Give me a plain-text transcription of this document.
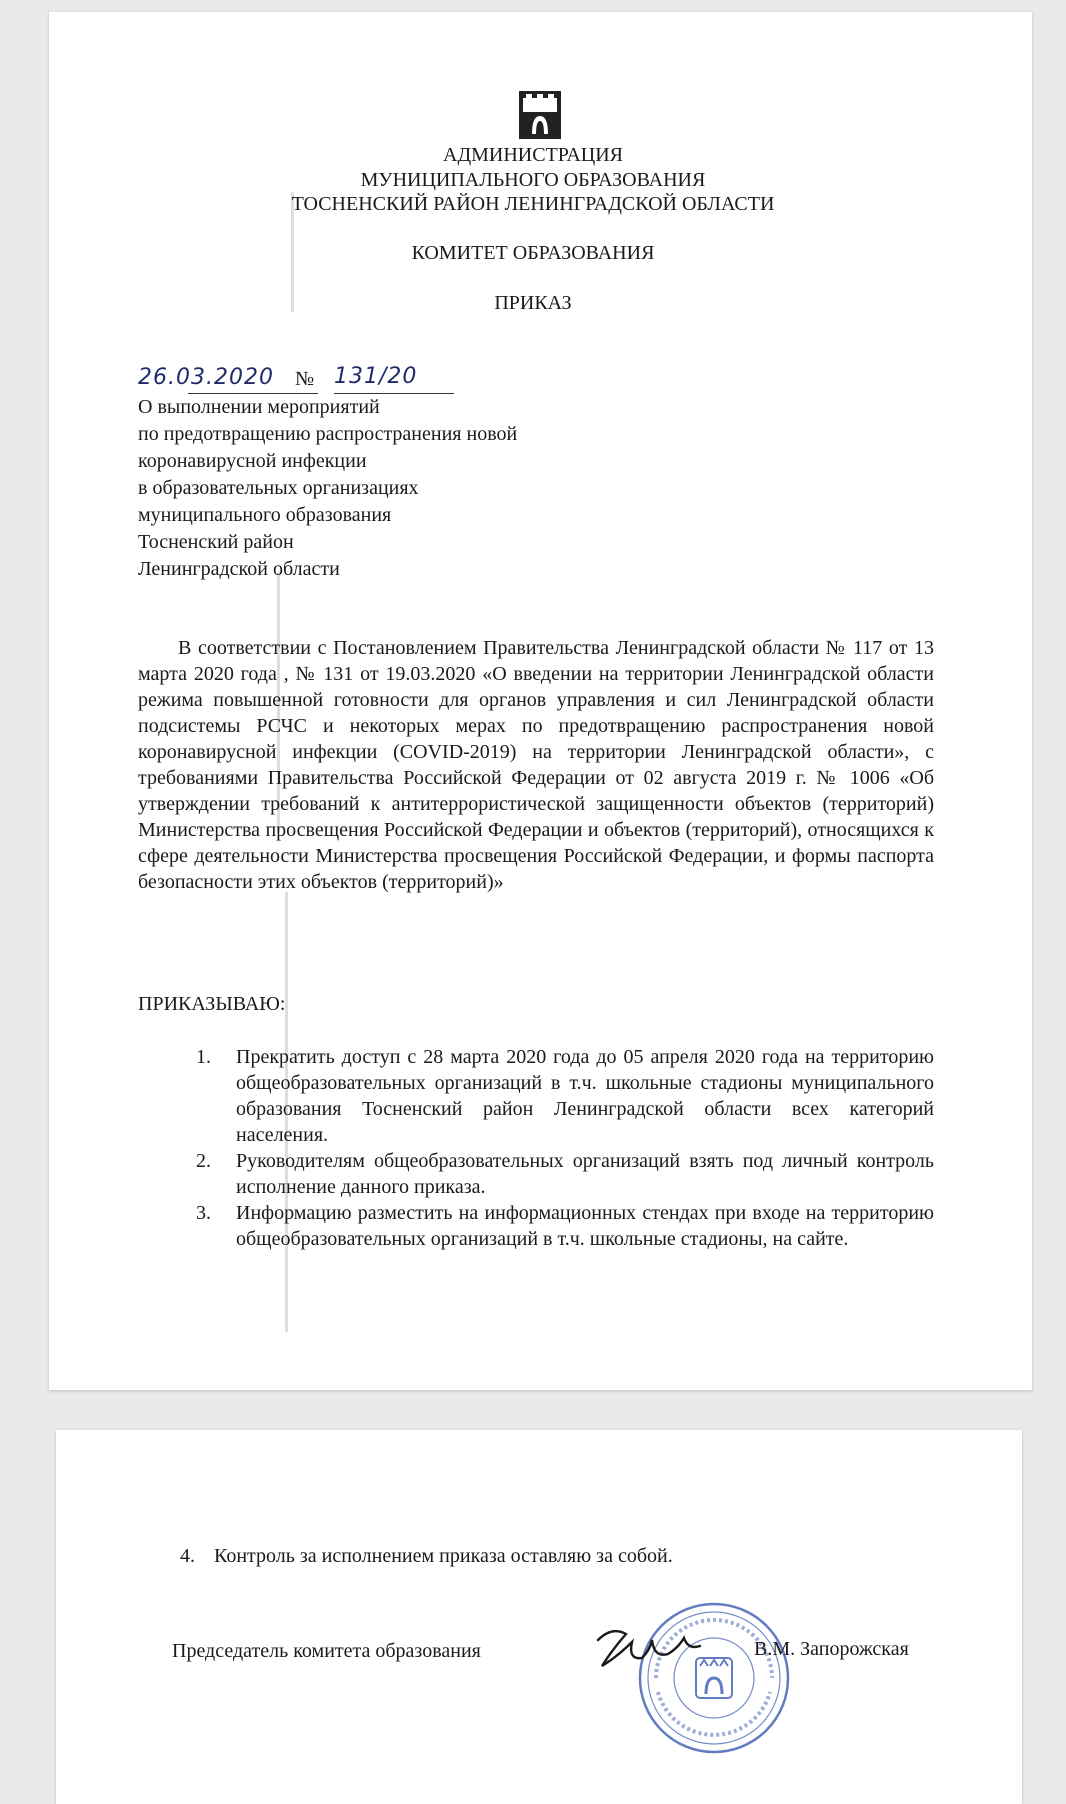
АДМИНИСТРАЦИЯ
МУНИЦИПАЛЬНОГО ОБРАЗОВАНИЯ
ТОСНЕНСКИЙ РАЙОН ЛЕНИНГРАДСКОЙ ОБЛАСТИ
КОМИТЕТ ОБРАЗОВАНИЯ
ПРИКАЗ
26.03.2020 № 131/20
О выполнении мероприятий
по предотвращению распространения новой
коронавирусной инфекции
в образовательных организациях
муниципального образования
Тосненский район
Ленинградской области
В соответствии с Постановлением Правительства Ленинградской области № 117 от 13 марта 2020 года , № 131 от 19.03.2020 «О введении на территории Ленинградской области режима повышенной готовности для органов управления и сил Ленинградской области подсистемы РСЧС и некоторых мерах по предотвращению распространения новой коронавирусной инфекции (COVID-2019) на территории Ленинградской области», с требованиями Правительства Российской Федерации от 02 августа 2019 г. № 1006 «Об утверждении требований к антитеррористической защищенности объектов (территорий) Министерства просвещения Российской Федерации и объектов (территорий), относящихся к сфере деятельности Министерства просвещения Российской Федерации, и формы паспорта безопасности этих объектов (территорий)»
ПРИКАЗЫВАЮ:
1. Прекратить доступ с 28 марта 2020 года до 05 апреля 2020 года на территорию общеобразовательных организаций в т.ч. школьные стадионы муниципального образования Тосненский район Ленинградской области всех категорий населения.
2. Руководителям общеобразовательных организаций взять под личный контроль исполнение данного приказа.
3. Информацию разместить на информационных стендах при входе на территорию общеобразовательных организаций в т.ч. школьные стадионы, на сайте.
4. Контроль за исполнением приказа оставляю за собой.
Председатель комитета образования	В.М. Запорожская
